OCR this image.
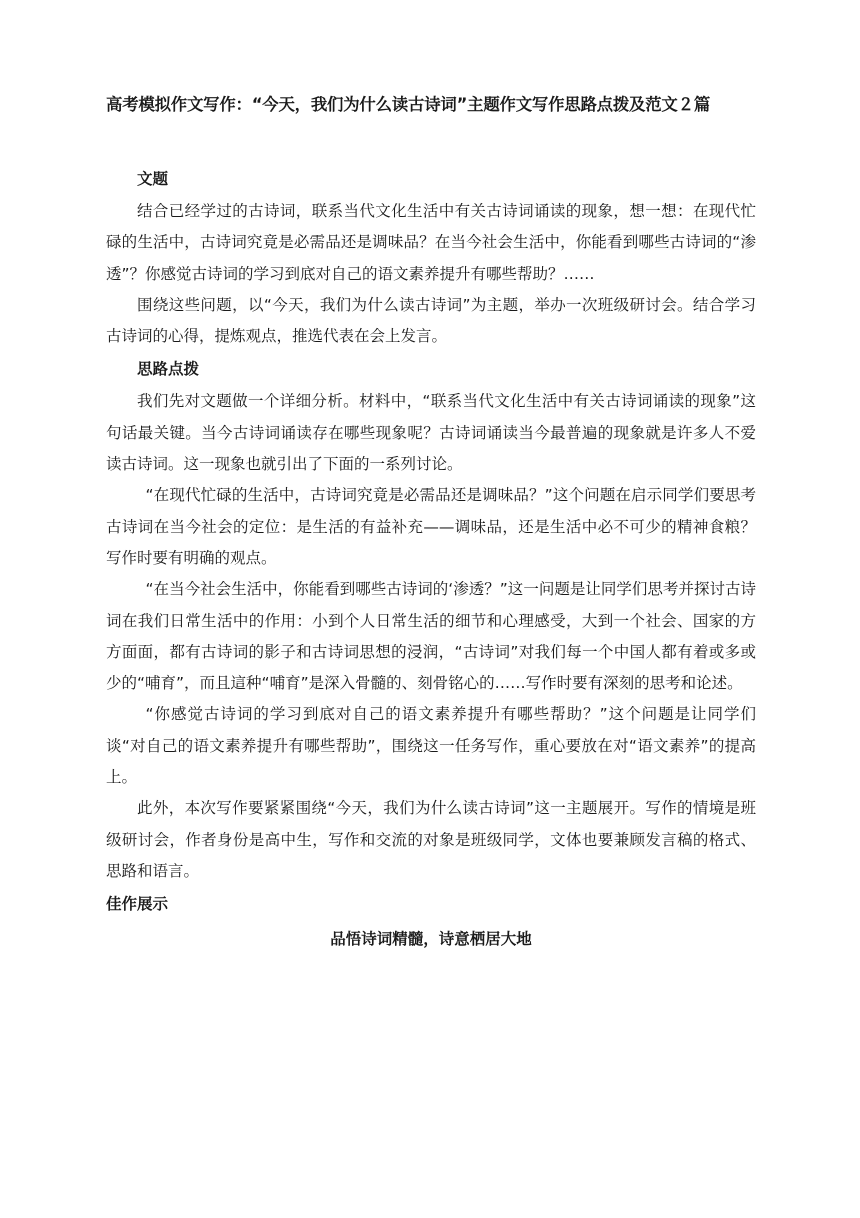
高考模拟作文写作：“今天，我们为什么读古诗词”主题作文写作思路点拨及范文２篇
文题

结合已经学过的古诗词，联系当代文化生活中有关古诗词诵读的现象，想一想：在现代忙碌的生活中，古诗词究竟是必需品还是调味品？在当今社会生活中，你能看到哪些古诗词的“渗透”？你感觉古诗词的学习到底对自己的语文素养提升有哪些帮助？……

围绕这些问题，以“今天，我们为什么读古诗词”为主题，举办一次班级研讨会。结合学习古诗词的心得，提炼观点，推选代表在会上发言。

思路点拨

我们先对文题做一个详细分析。材料中，“联系当代文化生活中有关古诗词诵读的现象”这句话最关键。当今古诗词诵读存在哪些现象呢？古诗词诵读当今最普遍的现象就是许多人不爱读古诗词。这一现象也就引出了下面的一系列讨论。

“在现代忙碌的生活中，古诗词究竟是必需品还是调味品？”这个问题在启示同学们要思考古诗词在当今社会的定位：是生活的有益补充——调味品，还是生活中必不可少的精神食粮？写作时要有明确的观点。

“在当今社会生活中，你能看到哪些古诗词的‘渗透？”这一问题是让同学们思考并探讨古诗词在我们日常生活中的作用：小到个人日常生活的细节和心理感受，大到一个社会、国家的方方面面，都有古诗词的影子和古诗词思想的浸润，“古诗词”对我们每一个中国人都有着或多或少的“哺育”，而且這种“哺育”是深入骨髓的、刻骨铭心的……写作时要有深刻的思考和论述。

“你感觉古诗词的学习到底对自己的语文素养提升有哪些帮助？”这个问题是让同学们谈“对自己的语文素养提升有哪些帮助”，围绕这一任务写作，重心要放在对“语文素养”的提高上。

此外，本次写作要紧紧围绕“今天，我们为什么读古诗词”这一主题展开。写作的情境是班级研讨会，作者身份是高中生，写作和交流的对象是班级同学，文体也要兼顾发言稿的格式、思路和语言。

佳作展示
品悟诗词精髓，诗意栖居大地
